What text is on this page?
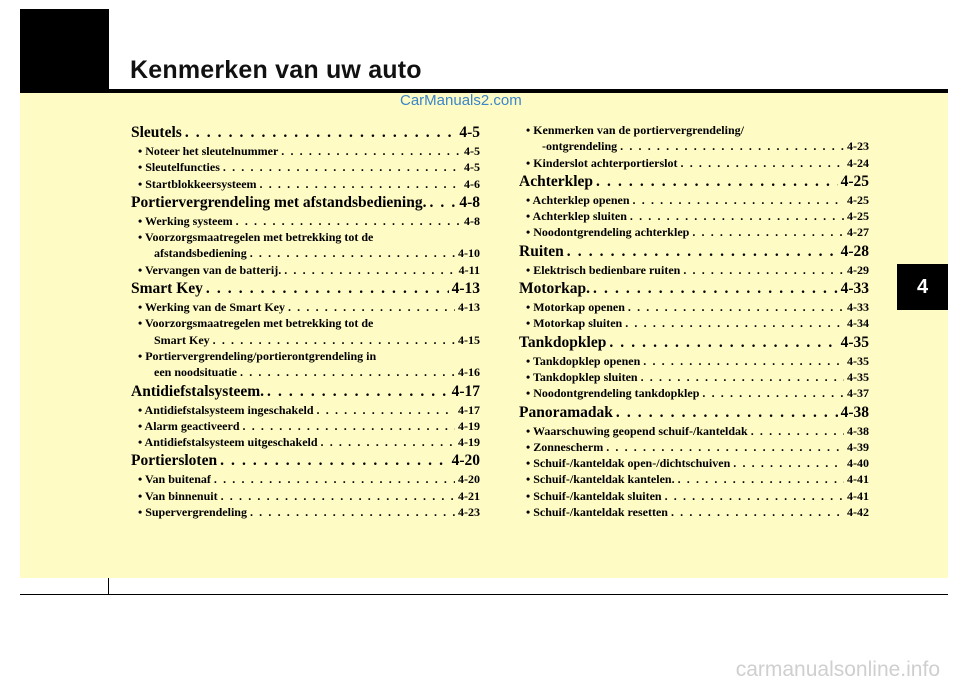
Kenmerken van uw auto
CarManuals2.com
4
carmanualsonline.info
Sleutels . . .	4-5
• Noteer het sleutelnummer . . .	4-5
• Sleutelfuncties . . .	4-5
• Startblokkeersysteem . . .	4-6
Portiervergrendeling met afstandsbediening. . . . 4-8
• Werking systeem . . .	4-8
• Voorzorgsmaatregelen met betrekking tot de
afstandsbediening . . .	4-10
• Vervangen van de batterij. . . .	4-11
Smart Key . . .	4-13
• Werking van de Smart Key . . .	4-13
• Voorzorgsmaatregelen met betrekking tot de
Smart Key . . .	4-15
• Portiervergrendeling/portierontgrendeling in
een noodsituatie . . .	4-16
Antidiefstalsysteem. . . .	4-17
• Antidiefstalsysteem ingeschakeld . . .	4-17
• Alarm geactiveerd . . .	4-19
• Antidiefstalsysteem uitgeschakeld . . .	4-19
Portiersloten . . .	4-20
• Van buitenaf . . .	4-20
• Van binnenuit . . .	4-21
• Supervergrendeling . . .	4-23
• Kenmerken van de portiervergrendeling/
-ontgrendeling . . .	4-23
• Kinderslot achterportierslot . . .	4-24
Achterklep . . .	4-25
• Achterklep openen . . .	4-25
• Achterklep sluiten . . .	4-25
• Noodontgrendeling achterklep . . .	4-27
Ruiten . . .	4-28
• Elektrisch bedienbare ruiten . . .	4-29
Motorkap. . . .	4-33
• Motorkap openen . . .	4-33
• Motorkap sluiten . . .	4-34
Tankdopklep . . .	4-35
• Tankdopklep openen . . .	4-35
• Tankdopklep sluiten . . .	4-35
• Noodontgrendeling tankdopklep . . .	4-37
Panoramadak . . .	4-38
• Waarschuwing geopend schuif-/kanteldak . . .	4-38
• Zonnescherm . . .	4-39
• Schuif-/kanteldak open-/dichtschuiven . . .	4-40
• Schuif-/kanteldak kantelen. . . .	4-41
• Schuif-/kanteldak sluiten . . .	4-41
• Schuif-/kanteldak resetten . . .	4-42
